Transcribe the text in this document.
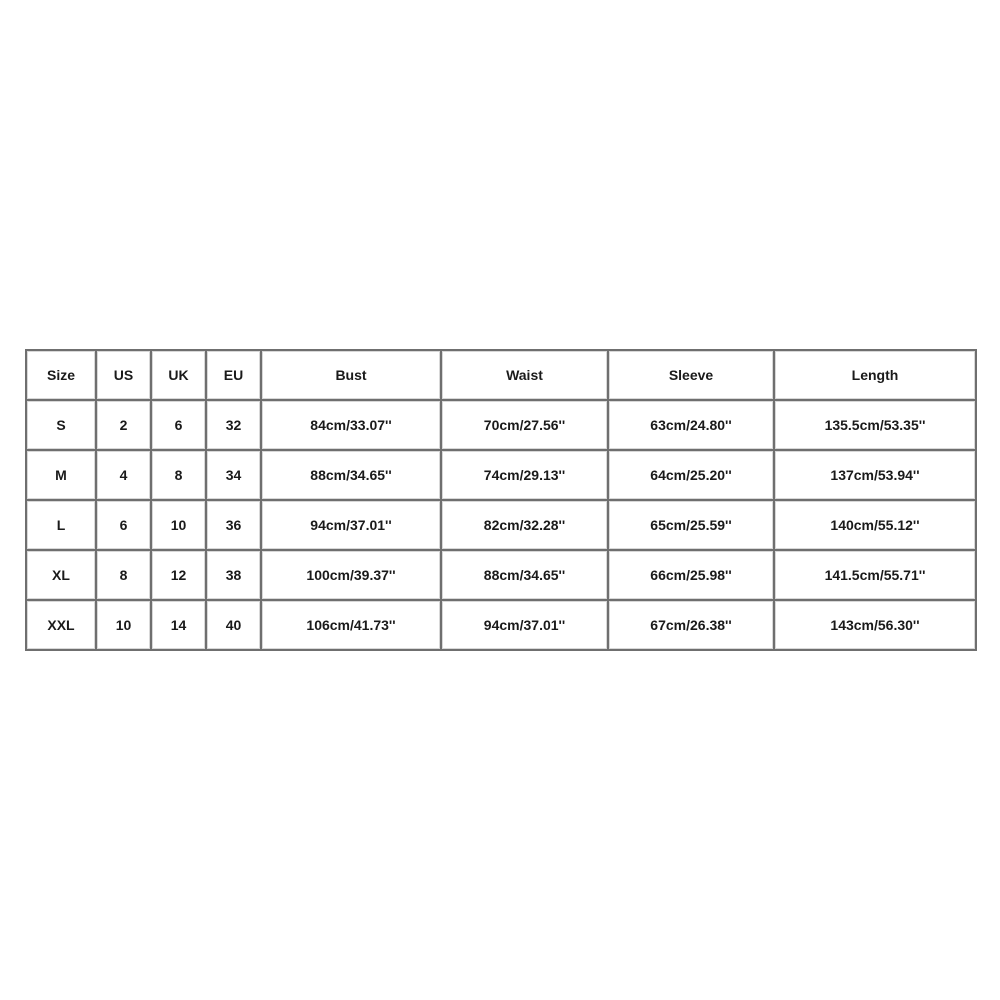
Size	US	UK	EU	Bust	Waist	Sleeve	Length
S	2	6	32	84cm/33.07''	70cm/27.56''	63cm/24.80''	135.5cm/53.35''
M	4	8	34	88cm/34.65''	74cm/29.13''	64cm/25.20''	137cm/53.94''
L	6	10	36	94cm/37.01''	82cm/32.28''	65cm/25.59''	140cm/55.12''
XL	8	12	38	100cm/39.37''	88cm/34.65''	66cm/25.98''	141.5cm/55.71''
XXL	10	14	40	106cm/41.73''	94cm/37.01''	67cm/26.38''	143cm/56.30''
